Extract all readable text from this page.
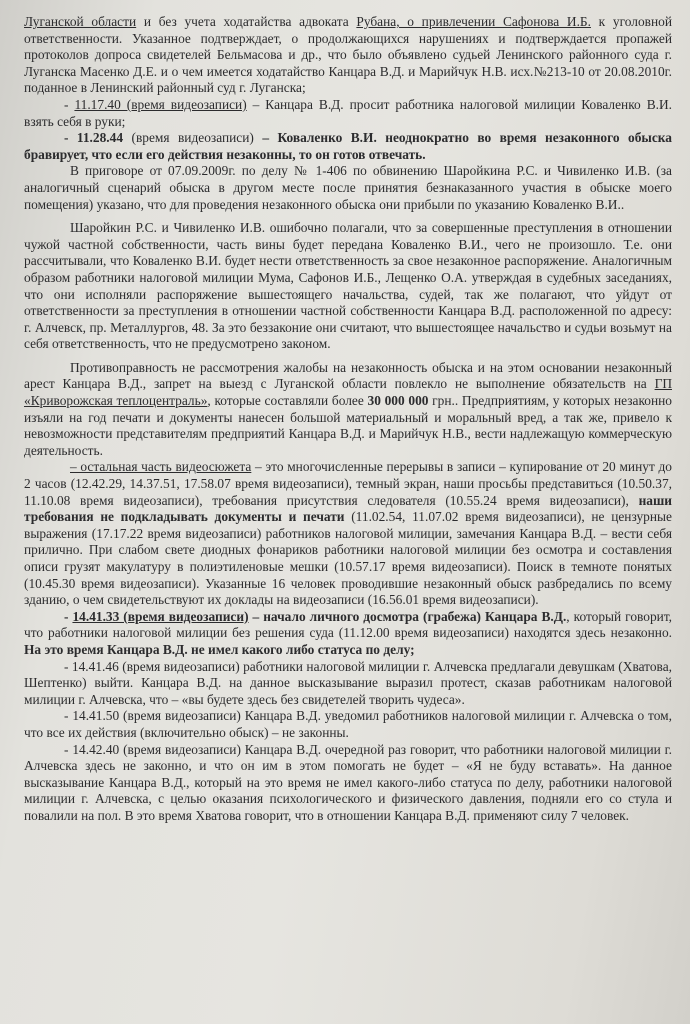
Луганской области и без учета ходатайства адвоката Рубана, о привлечении Сафонова И.Б. к уголовной ответственности. Указанное подтверждает, о продолжающихся нарушениях и подтверждается пропажей протоколов допроса свидетелей Бельмасова и др., что было объявлено судьей Ленинского районного суда г. Луганска Масенко Д.Е. и о чем имеется ходатайство Канцара В.Д. и Марийчук Н.В. исх.№213-10 от 20.08.2010г. поданное в Ленинский районный суд г. Луганска;

- 11.17.40 (время видеозаписи) – Канцара В.Д. просит работника налоговой милиции Коваленко В.И. взять себя в руки;

- 11.28.44 (время видеозаписи) – Коваленко В.И. неоднократно во время незаконного обыска бравирует, что если его действия незаконны, то он готов отвечать.

В приговоре от 07.09.2009г. по делу № 1-406 по обвинению Шаройкина Р.С. и Чивиленко И.В. (за аналогичный сценарий обыска в другом месте после принятия безнаказанного участия в обыске моего помещения) указано, что для проведения незаконного обыска они прибыли по указанию Коваленко В.И..

Шаройкин Р.С. и Чивиленко И.В. ошибочно полагали, что за совершенные преступления в отношении чужой частной собственности, часть вины будет передана Коваленко В.И., чего не произошло. Т.е. они рассчитывали, что Коваленко В.И. будет нести ответственность за свое незаконное распоряжение. Аналогичным образом работники налоговой милиции Мума, Сафонов И.Б., Лещенко О.А. утверждая в судебных заседаниях, что они исполняли распоряжение вышестоящего начальства, судей, так же полагают, что уйдут от ответственности за преступления в отношении частной собственности Канцара В.Д. расположенной по адресу: г. Алчевск, пр. Металлургов, 48. За это беззаконие они считают, что вышестоящее начальство и судьи возьмут на себя ответственность, что не предусмотрено законом.

Противоправность не рассмотрения жалобы на незаконность обыска и на этом основании незаконный арест Канцара В.Д., запрет на выезд с Луганской области повлекло не выполнение обязательств на ГП «Криворожская теплоцентраль», которые составляли более 30 000 000 грн.. Предприятиям, у которых незаконно изъяли на год печати и документы нанесен большой материальный и моральный вред, а так же, привело к невозможности представителям предприятий Канцара В.Д. и Марийчук Н.В., вести надлежащую коммерческую деятельность.

– остальная часть видеосюжета – это многочисленные перерывы в записи – купирование от 20 минут до 2 часов (12.42.29, 14.37.51, 17.58.07 время видеозаписи), темный экран, наши просьбы представиться (10.50.37, 11.10.08 время видеозаписи), требования присутствия следователя (10.55.24 время видеозаписи), наши требования не подкладывать документы и печати (11.02.54, 11.07.02 время видеозаписи), не цензурные выражения (17.17.22 время видеозаписи) работников налоговой милиции, замечания Канцара В.Д. – вести себя прилично. При слабом свете диодных фонариков работники налоговой милиции без осмотра и составления описи грузят макулатуру в полиэтиленовые мешки (10.57.17 время видеозаписи). Поиск в темноте понятых (10.45.30 время видеозаписи). Указанные 16 человек проводившие незаконный обыск разбредались по всему зданию, о чем свидетельствуют их доклады на видеозаписи (16.56.01 время видеозаписи).

- 14.41.33 (время видеозаписи) – начало личного досмотра (грабежа) Канцара В.Д., который говорит, что работники налоговой милиции без решения суда (11.12.00 время видеозаписи) находятся здесь незаконно. На это время Канцара В.Д. не имел какого либо статуса по делу;

- 14.41.46 (время видеозаписи) работники налоговой милиции г. Алчевска предлагали девушкам (Хватова, Шептенко) выйти. Канцара В.Д. на данное высказывание выразил протест, сказав работникам налоговой милиции г. Алчевска, что – «вы будете здесь без свидетелей творить чудеса».

- 14.41.50 (время видеозаписи) Канцара В.Д. уведомил работников налоговой милиции г. Алчевска о том, что все их действия (включительно обыск) – не законны.

- 14.42.40 (время видеозаписи) Канцара В.Д. очередной раз говорит, что работники налоговой милиции г. Алчевска здесь не законно, и что он им в этом помогать не будет – «Я не буду вставать». На данное высказывание Канцара В.Д., который на это время не имел какого-либо статуса по делу, работники налоговой милиции г. Алчевска, с целью оказания психологического и физического давления, подняли его со стула и повалили на пол. В это время Хватова говорит, что в отношении Канцара В.Д. применяют силу 7 человек.
